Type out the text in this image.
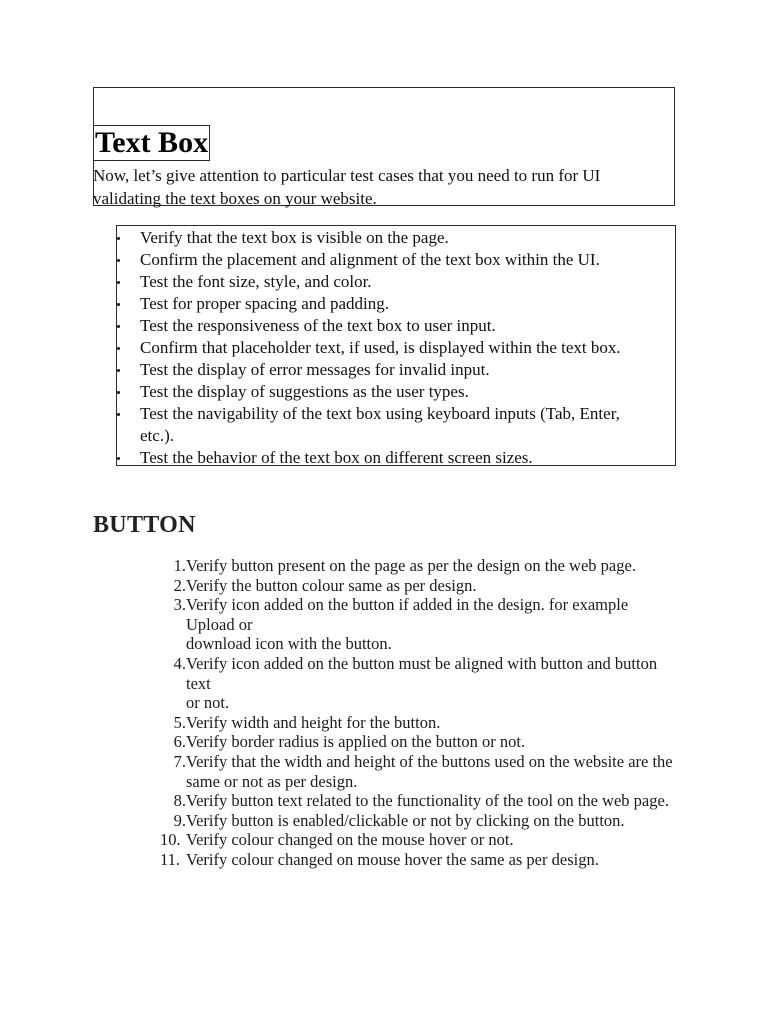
Text Box
Now, let’s give attention to particular test cases that you need to run for UI validating the text boxes on your website.
Verify that the text box is visible on the page.
Confirm the placement and alignment of the text box within the UI.
Test the font size, style, and color.
Test for proper spacing and padding.
Test the responsiveness of the text box to user input.
Confirm that placeholder text, if used, is displayed within the text box.
Test the display of error messages for invalid input.
Test the display of suggestions as the user types.
Test the navigability of the text box using keyboard inputs (Tab, Enter, etc.).
Test the behavior of the text box on different screen sizes.
BUTTON
1. Verify button present on the page as per the design on the web page.
2. Verify the button colour same as per design.
3. Verify icon added on the button if added in the design. for example Upload or
download icon with the button.
4. Verify icon added on the button must be aligned with button and button text
or not.
5. Verify width and height for the button.
6. Verify border radius is applied on the button or not.
7. Verify that the width and height of the buttons used on the website are the
same or not as per design.
8. Verify button text related to the functionality of the tool on the web page.
9. Verify button is enabled/clickable or not by clicking on the button.
10. Verify colour changed on the mouse hover or not.
11. Verify colour changed on mouse hover the same as per design.
